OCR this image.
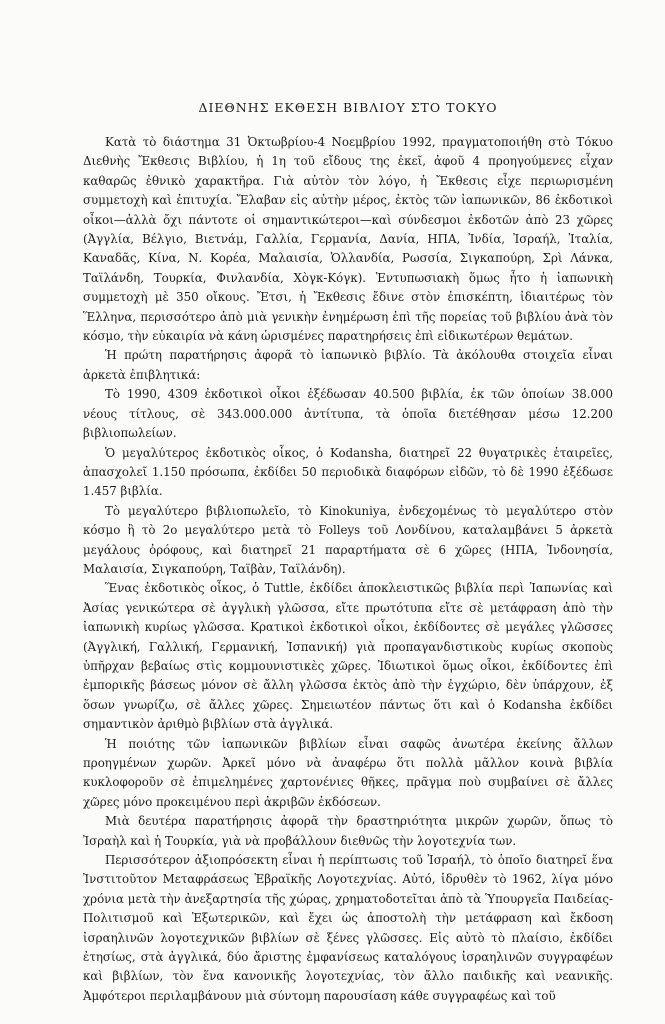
ΔΙΕΘΝΗΣ ΕΚΘΕΣΗ ΒΙΒΛΙΟΥ ΣΤΟ ΤΟΚΥΟ

Κατὰ τὸ διάστημα 31 Ὀκτωβρίου-4 Νοεμβρίου 1992, πραγματοποιήθη στὸ Τόκυο Διεθνὴς Ἔκθεσις Βιβλίου, ἡ 1η τοῦ εἴδους της ἐκεῖ, ἀφοῦ 4 προηγούμενες εἶχαν καθαρῶς ἐθνικὸ χαρακτῆρα. Γιὰ αὐτὸν τὸν λόγο, ἡ Ἔκθεσις εἶχε περιωρισμένη συμμετοχὴ καὶ ἐπιτυχία. Ἔλαβαν εἰς αὐτὴν μέρος, ἐκτὸς τῶν ἰαπωνικῶν, 86 ἐκδοτικοὶ οἶκοι—ἀλλὰ ὄχι πάντοτε οἱ σημαντικώτεροι—καὶ σύνδεσμοι ἐκδοτῶν ἀπὸ 23 χῶρες (Ἀγγλία, Βέλγιο, Βιετνάμ, Γαλλία, Γερμανία, Δανία, ΗΠΑ, Ἰνδία, Ἰσραήλ, Ἰταλία, Καναδᾶς, Κίνα, Ν. Κορέα, Μαλαισία, Ὁλλανδία, Ρωσσία, Σιγκαπούρη, Σρὶ Λάνκα, Ταϊλάνδη, Τουρκία, Φινλανδία, Χὸγκ-Κόγκ). Ἐντυπωσιακὴ ὅμως ἦτο ἡ ἰαπωνικὴ συμμετοχὴ μὲ 350 οἴκους. Ἔτσι, ἡ Ἔκθεσις ἔδινε στὸν ἐπισκέπτη, ἰδιαιτέρως τὸν Ἕλληνα, περισσότερο ἀπὸ μιὰ γενικὴν ἐνημέρωση ἐπὶ τῆς πορείας τοῦ βιβλίου ἀνὰ τὸν κόσμο, τὴν εὐκαιρία νὰ κάνη ὡρισμένες παρατηρήσεις ἐπὶ εἰδικωτέρων θεμάτων.

Ἡ πρώτη παρατήρησις ἀφορᾶ τὸ ἰαπωνικὸ βιβλίο. Τὰ ἀκόλουθα στοιχεῖα εἶναι ἀρκετὰ ἐπιβλητικά:

Τὸ 1990, 4309 ἐκδοτικοὶ οἶκοι ἐξέδωσαν 40.500 βιβλία, ἐκ τῶν ὁποίων 38.000 νέους τίτλους, σὲ 343.000.000 ἀντίτυπα, τὰ ὁποῖα διετέθησαν μέσω 12.200 βιβλιοπωλείων.

Ὁ μεγαλύτερος ἐκδοτικὸς οἶκος, ὁ Kodansha, διατηρεῖ 22 θυγατρικὲς ἑταιρεῖες, ἀπασχολεῖ 1.150 πρόσωπα, ἐκδίδει 50 περιοδικὰ διαφόρων εἰδῶν, τὸ δὲ 1990 ἐξέδωσε 1.457 βιβλία.

Τὸ μεγαλύτερο βιβλιοπωλεῖο, τὸ Kinokuniya, ἐνδεχομένως τὸ μεγαλύτερο στὸν κόσμο ἢ τὸ 2ο μεγαλύτερο μετὰ τὸ Folleys τοῦ Λονδίνου, καταλαμβάνει 5 ἀρκετὰ μεγάλους ὀρόφους, καὶ διατηρεῖ 21 παραρτήματα σὲ 6 χῶρες (ΗΠΑ, Ἰνδονησία, Μαλαισία, Σιγκαπούρη, Ταϊβὰν, Ταϊλάνδη).

Ἕνας ἐκδοτικὸς οἶκος, ὁ Tuttle, ἐκδίδει ἀποκλειστικῶς βιβλία περὶ Ἰαπωνίας καὶ Ἀσίας γενικώτερα σὲ ἀγγλικὴ γλῶσσα, εἴτε πρωτότυπα εἴτε σὲ μετάφραση ἀπὸ τὴν ἰαπωνικὴ κυρίως γλῶσσα. Κρατικοὶ ἐκδοτικοὶ οἶκοι, ἐκδίδοντες σὲ μεγάλες γλῶσσες (Ἀγγλική, Γαλλική, Γερμανική, Ἰσπανική) γιὰ προπαγανδιστικοὺς κυρίως σκοποὺς ὑπῆρχαν βεβαίως στὶς κομμουνιστικὲς χῶρες. Ἰδιωτικοὶ ὅμως οἶκοι, ἐκδίδοντες ἐπὶ ἐμπορικῆς βάσεως μόνον σὲ ἄλλη γλῶσσα ἐκτὸς ἀπὸ τὴν ἐγχώριο, δὲν ὑπάρχουν, ἐξ ὅσων γνωρίζω, σὲ ἄλλες χῶρες. Σημειωτέον πάντως ὅτι καὶ ὁ Kodansha ἐκδίδει σημαντικὸν ἀριθμὸ βιβλίων στὰ ἀγγλικά.

Ἡ ποιότης τῶν ἰαπωνικῶν βιβλίων εἶναι σαφῶς ἀνωτέρα ἐκείνης ἄλλων προηγμένων χωρῶν. Ἀρκεῖ μόνο νὰ ἀναφέρω ὅτι πολλὰ μᾶλλον κοινὰ βιβλία κυκλοφοροῦν σὲ ἐπιμελημένες χαρτονένιες θῆκες, πρᾶγμα ποὺ συμβαίνει σὲ ἄλλες χῶρες μόνο προκειμένου περὶ ἀκριβῶν ἐκδόσεων.

Μιὰ δευτέρα παρατήρησις ἀφορᾶ τὴν δραστηριότητα μικρῶν χωρῶν, ὅπως τὸ Ἰσραὴλ καὶ ἡ Τουρκία, γιὰ νὰ προβάλλουν διεθνῶς τὴν λογοτεχνία των.

Περισσότερον ἀξιοπρόσεκτη εἶναι ἡ περίπτωσις τοῦ Ἰσραήλ, τὸ ὁποῖο διατηρεῖ ἕνα Ἰνστιτοῦτον Μεταφράσεως Ἑβραϊκῆς Λογοτεχνίας. Αὐτό, ἱδρυθὲν τὸ 1962, λίγα μόνο χρόνια μετὰ τὴν ἀνεξαρτησία τῆς χώρας, χρηματοδοτεῖται ἀπὸ τὰ Ὑπουργεῖα Παιδείας-Πολιτισμοῦ καὶ Ἐξωτερικῶν, καὶ ἔχει ὡς ἀποστολὴ τὴν μετάφραση καὶ ἔκδοση ἰσραηλινῶν λογοτεχνικῶν βιβλίων σὲ ξένες γλῶσσες. Εἰς αὐτὸ τὸ πλαίσιο, ἐκδίδει ἐτησίως, στὰ ἀγγλικά, δύο ἄριστης ἐμφανίσεως καταλόγους ἰσραηλινῶν συγγραφέων καὶ βιβλίων, τὸν ἕνα κανονικῆς λογοτεχνίας, τὸν ἄλλο παιδικῆς καὶ νεανικῆς. Ἀμφότεροι περιλαμβάνουν μιὰ σύντομη παρουσίαση κάθε συγγραφέως καὶ τοῦ
